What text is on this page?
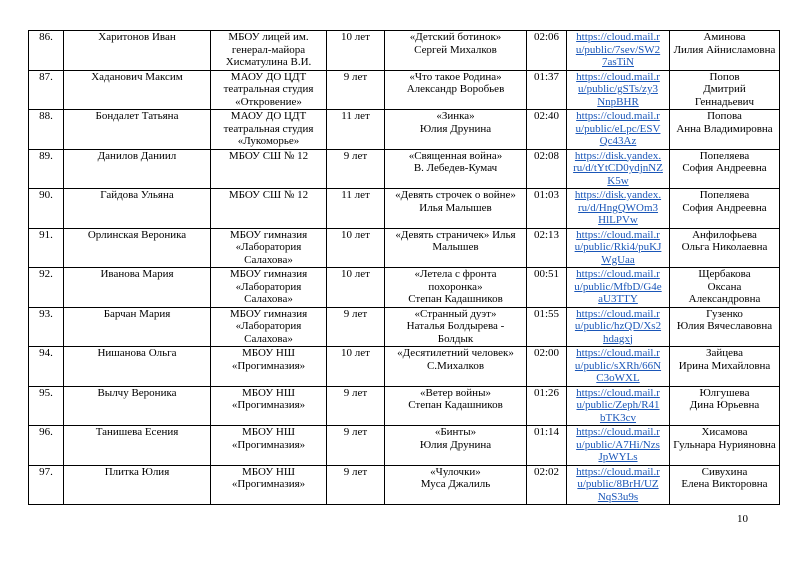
86.	Харитонов Иван	МБОУ лицей им.
генерал-майора
Хисматулина В.И.	10 лет	«Детский ботинок»
Сергей Михалков	02:06	https://cloud.mail.r
u/public/7sev/SW2
7asTiN	Аминова
Лилия Айнисламовна

87.	Хаданович Максим	МАОУ ДО ЦДТ
театральная студия
«Откровение»	9 лет	«Что такое Родина»
Александр Воробьев	01:37	https://cloud.mail.r
u/public/gSTs/zy3
NnpBHR	Попов
Дмитрий Геннадьевич

88.	Бондалет Татьяна	МАОУ ДО ЦДТ
театральная студия
«Лукоморье»	11 лет	«Зинка»
Юлия Друнина	02:40	https://cloud.mail.r
u/public/eLpc/ESV
Qc43Az	Попова
Анна Владимировна

89.	Данилов Даниил	МБОУ СШ № 12	9 лет	«Священная война»
В. Лебедев-Кумач	02:08	https://disk.yandex.
ru/d/tYtCD0ydjnNZ
K5w	Попеляева
София Андреевна

90.	Гайдова Ульяна	МБОУ СШ № 12	11 лет	«Девять строчек о войне»
Илья Малышев	01:03	https://disk.yandex.
ru/d/HngQWOm3
HlLPVw	Попеляева
София Андреевна

91.	Орлинская Вероника	МБОУ гимназия
«Лаборатория
Салахова»	10 лет	«Девять страничек» Илья
Малышев	02:13	https://cloud.mail.r
u/public/Rki4/puKJ
WgUaa	Анфилофьева
Ольга Николаевна

92.	Иванова Мария	МБОУ гимназия
«Лаборатория
Салахова»	10 лет	«Летела с фронта
похоронка»
Степан Кадашников	00:51	https://cloud.mail.r
u/public/MfbD/G4e
aU3TTY	Щербакова
Оксана Александровна

93.	Барчан Мария	МБОУ гимназия
«Лаборатория
Салахова»	9 лет	«Странный дуэт»
Наталья Болдырева -
Болдык	01:55	https://cloud.mail.r
u/public/hzQD/Xs2
hdagxj	Гузенко
Юлия Вячеславовна

94.	Нишанова Ольга	МБОУ НШ
«Прогимназия»	10 лет	«Десятилетний человек»
С.Михалков	02:00	https://cloud.mail.r
u/public/sXRh/66N
C3oWXL	Зайцева
Ирина Михайловна

95.	Вылчу Вероника	МБОУ НШ
«Прогимназия»	9 лет	«Ветер войны»
Степан Кадашников	01:26	https://cloud.mail.r
u/public/Zeph/R41
bTK3cv	Юлгушева
Дина Юрьевна

96.	Танишева Есения	МБОУ НШ
«Прогимназия»	9 лет	«Бинты»
Юлия Друнина	01:14	https://cloud.mail.r
u/public/A7Hi/Nzs
JpWYLs	Хисамова
Гульнара Нурияновна

97.	Плитка Юлия	МБОУ НШ
«Прогимназия»	9 лет	«Чулочки»
Муса Джалиль	02:02	https://cloud.mail.r
u/public/8BrH/UZ
NqS3u9s	Сивухина
Елена Викторовна
10
